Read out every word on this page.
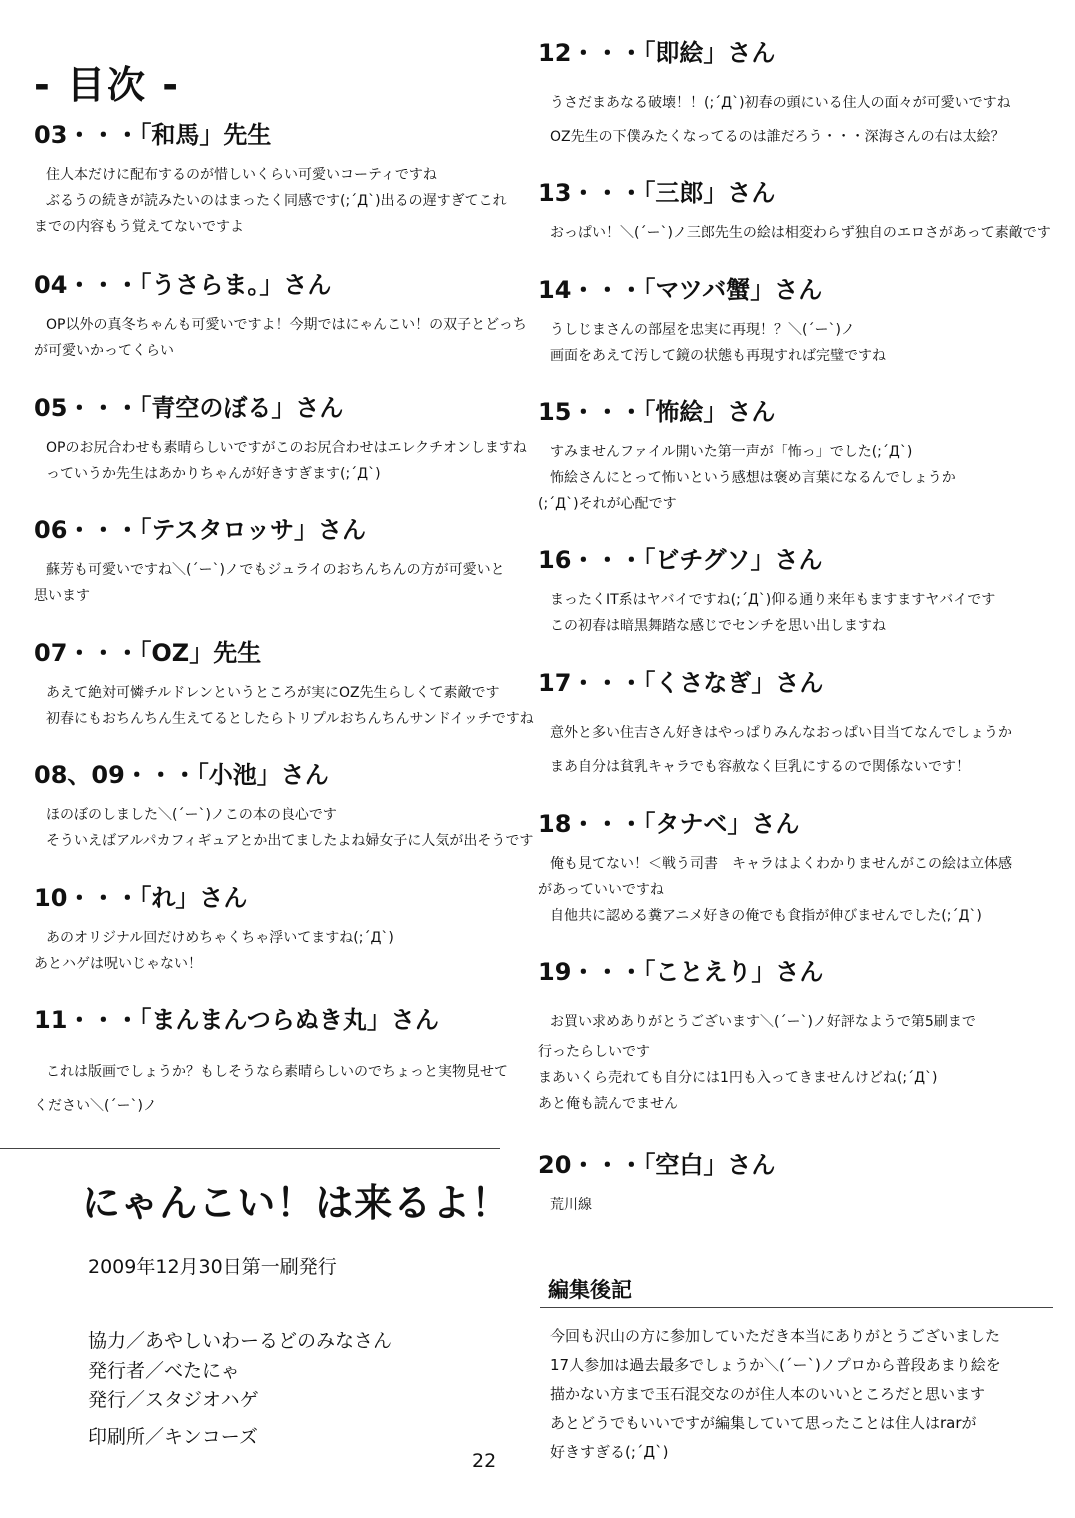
- 目次 -
03・・・「和馬」先生
住人本だけに配布するのが惜しいくらい可愛いコーティですね
ぶるうの続きが読みたいのはまったく同感です(;´Д`)出るの遅すぎてこれ
までの内容もう覚えてないですよ
04・・・「うさらま。」さん
OP以外の真冬ちゃんも可愛いですよ！今期ではにゃんこい！の双子とどっち
が可愛いかってくらい
05・・・「青空のぼる」さん
OPのお尻合わせも素晴らしいですがこのお尻合わせはエレクチオンしますね
っていうか先生はあかりちゃんが好きすぎます(;´Д`)
06・・・「テスタロッサ」さん
蘇芳も可愛いですね＼(´ー`)ノでもジュライのおちんちんの方が可愛いと
思います
07・・・「OZ」先生
あえて絶対可憐チルドレンというところが実にOZ先生らしくて素敵です
初春にもおちんちん生えてるとしたらトリプルおちんちんサンドイッチですね
08、09・・・「小池」さん
ほのぼのしました＼(´ー`)ノこの本の良心です
そういえばアルパカフィギュアとか出てましたよね婦女子に人気が出そうです
10・・・「れ」さん
あのオリジナル回だけめちゃくちゃ浮いてますね(;´Д`)
あとハゲは呪いじゃない！
11・・・「まんまんつらぬき丸」さん
これは版画でしょうか？もしそうなら素晴らしいのでちょっと実物見せて
ください＼(´ー`)ノ
12・・・「即絵」さん
うさだまあなる破壊！！(;´Д`)初春の頭にいる住人の面々が可愛いですね
OZ先生の下僕みたくなってるのは誰だろう・・・深海さんの右は太絵？
13・・・「三郎」さん
おっぱい！＼(´ー`)ノ三郎先生の絵は相変わらず独自のエロさがあって素敵です
14・・・「マツバ蟹」さん
うしじまさんの部屋を忠実に再現！？＼(´ー`)ノ
画面をあえて汚して鏡の状態も再現すれば完璧ですね
15・・・「怖絵」さん
すみませんファイル開いた第一声が「怖っ」でした(;´Д`)
怖絵さんにとって怖いという感想は褒め言葉になるんでしょうか
(;´Д`)それが心配です
16・・・「ビチグソ」さん
まったくIT系はヤバイですね(;´Д`)仰る通り来年もますますヤバイです
この初春は暗黒舞踏な感じでセンチを思い出しますね
17・・・「くさなぎ」さん
意外と多い住吉さん好きはやっぱりみんなおっぱい目当てなんでしょうか
まあ自分は貧乳キャラでも容赦なく巨乳にするので関係ないです！
18・・・「タナベ」さん
俺も見てない！＜戦う司書　キャラはよくわかりませんがこの絵は立体感
があっていいですね
自他共に認める糞アニメ好きの俺でも食指が伸びませんでした(;´Д`)
19・・・「ことえり」さん
お買い求めありがとうございます＼(´ー`)ノ好評なようで第5刷まで
行ったらしいです
まあいくら売れても自分には1円も入ってきませんけどね(;´Д`)
あと俺も読んでません
20・・・「空白」さん
荒川線
にゃんこい！は来るよ！
2009年12月30日第一刷発行
協力／あやしいわーるどのみなさん
発行者／べたにゃ
発行／スタジオハゲ
印刷所／キンコーズ
編集後記
今回も沢山の方に参加していただき本当にありがとうございました
17人参加は過去最多でしょうか＼(´ー`)ノプロから普段あまり絵を
描かない方まで玉石混交なのが住人本のいいところだと思います
あとどうでもいいですが編集していて思ったことは住人はrarが
好きすぎる(;´Д`)
22
